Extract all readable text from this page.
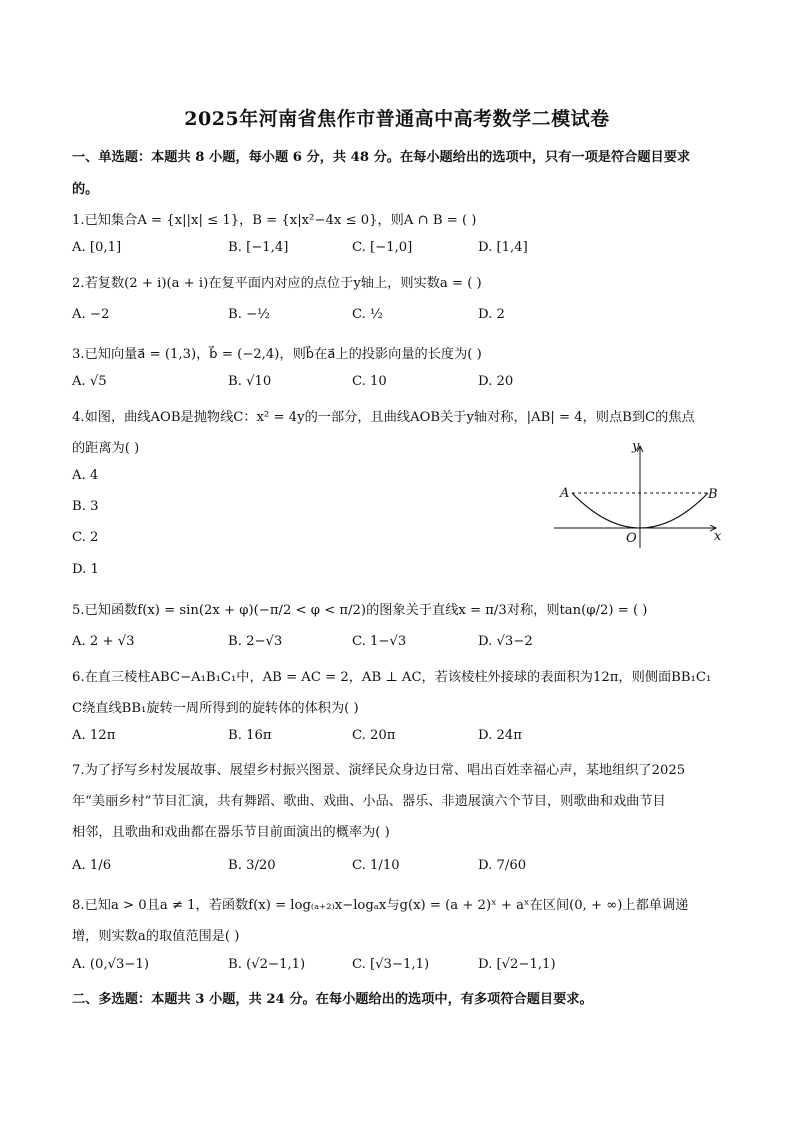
2025年河南省焦作市普通高中高考数学二模试卷
一、单选题：本题共 8 小题，每小题 6 分，共 48 分。在每小题给出的选项中，只有一项是符合题目要求
的。
1.已知集合A = {x||x| ≤ 1}，B = {x|x²−4x ≤ 0}，则A ∩ B = ( )
A. [0,1]	B. [−1,4]	C. [−1,0]	D. [1,4]
2.若复数(2 + i)(a + i)在复平面内对应的点位于y轴上，则实数a = ( )
A. −2	B. −½	C. ½	D. 2
3.已知向量a⃗ = (1,3)，b⃗ = (−2,4)，则b⃗在a⃗上的投影向量的长度为( )
A. √5	B. √10	C. 10	D. 20
4.如图，曲线AOB是抛物线C：x² = 4y的一部分，且曲线AOB关于y轴对称，|AB| = 4，则点B到C的焦点
的距离为( )
A. 4
B. 3
C. 2
D. 1
y
x
O
A	B
5.已知函数f(x) = sin(2x + φ)(−π/2 < φ < π/2)的图象关于直线x = π/3对称，则tan(φ/2) = ( )
A. 2 + √3	B. 2−√3	C. 1−√3	D. √3−2
6.在直三棱柱ABC−A₁B₁C₁中，AB = AC = 2，AB ⊥ AC，若该棱柱外接球的表面积为12π，则侧面BB₁C₁
C绕直线BB₁旋转一周所得到的旋转体的体积为( )
A. 12π	B. 16π	C. 20π	D. 24π
7.为了抒写乡村发展故事、展望乡村振兴图景、演绎民众身边日常、唱出百姓幸福心声，某地组织了2025
年“美丽乡村”节目汇演，共有舞蹈、歌曲、戏曲、小品、器乐、非遗展演六个节目，则歌曲和戏曲节目
相邻，且歌曲和戏曲都在器乐节目前面演出的概率为( )
A. 1/6	B. 3/20	C. 1/10	D. 7/60
8.已知a > 0且a ≠ 1，若函数f(x) = log₍ₐ₊₂₎x−logₐx与g(x) = (a + 2)ˣ + aˣ在区间(0, + ∞)上都单调递
增，则实数a的取值范围是( )
A. (0,√3−1)	B. (√2−1,1)	C. [√3−1,1)	D. [√2−1,1)
二、多选题：本题共 3 小题，共 24 分。在每小题给出的选项中，有多项符合题目要求。
